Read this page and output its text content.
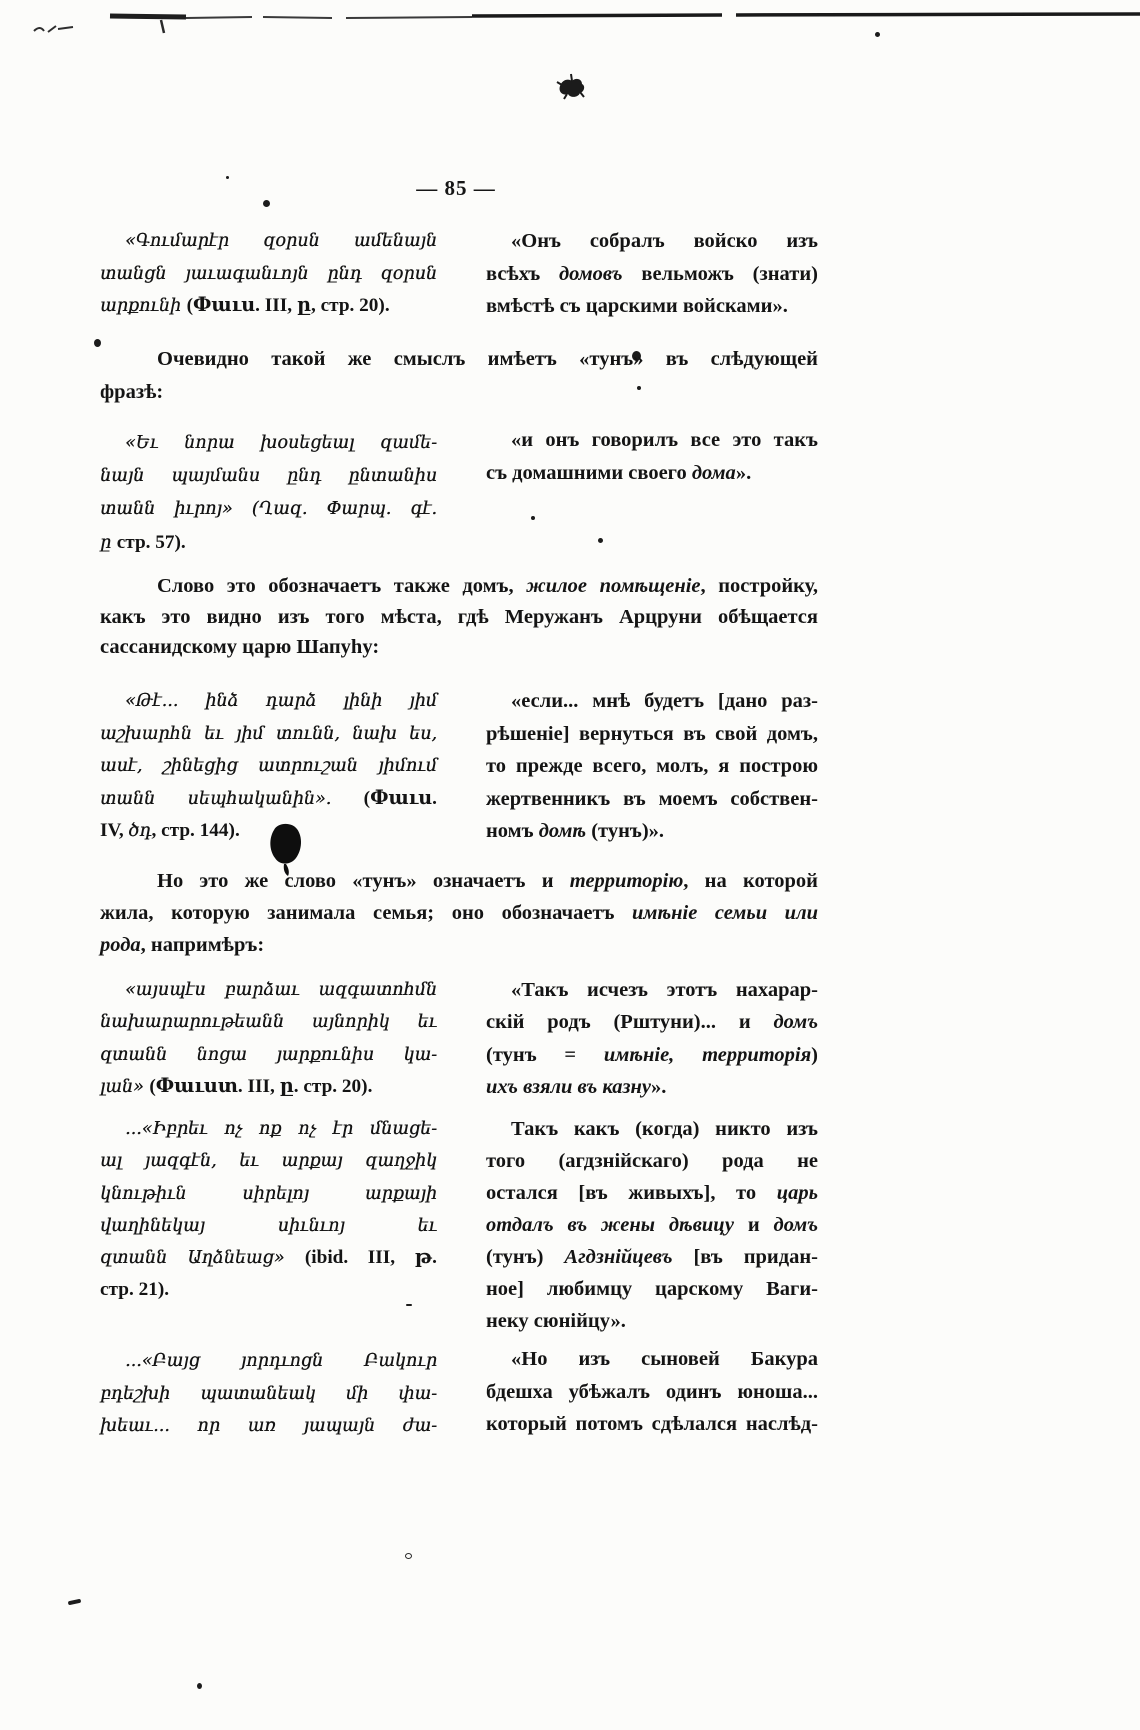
— 85 —
«Գումարէր զօրսն ամենայն
տանցն յաւագանւոյն ընդ զօրսն
արքունի (Փաւս. III, ը, стр. 20).
«Онъ собралъ войско изъ
всѣхъ домовъ вельможъ (знати)
вмѣстѣ съ царскими войсками».
Очевидно такой же смыслъ имѣетъ «тунъ» въ слѣдующей
фразѣ:
«Եւ նորա խօսեցեալ զամե-
նայն պայմանս ընդ ընտանիս
տանն իւրոյ» (Ղազ. Փարպ. գէ.
ը стр. 57).
«и онъ говорилъ все это такъ
съ домашними своего дома».
Слово это обозначаетъ также домъ, жилое помѣщеніе, постройку,
какъ это видно изъ того мѣста, гдѣ Меружанъ Арцруни обѣщается
сассанидскому царю Шапуһу:
«Թէ... ինձ դարձ լինի յիմ
աշխարհն եւ յիմ տունն, նախ ես,
ասէ, շինեցից ատրուշան յիմում
տանն սեպհականին». (Փաւս.
IV, ծդ, стр. 144).
«если... мнѣ будетъ [дано раз-
рѣшеніе] вернуться въ свой домъ,
то прежде всего, молъ, я построю
жертвенникъ въ моемъ собствен-
номъ домѣ (тунъ)».
Но это же слово «тунъ» означаетъ и территорію, на которой
жила, которую занимала семья; оно обозначаетъ имѣніе семьи или
рода, напримѣръ:
«այսպէս բարձաւ ազգատոհմն
նախարարութեանն այնորիկ եւ
զտանն նոցա յարքունիս կա-
լան» (Փաւստ. III, ը. стр. 20).
«Такъ исчезъ этотъ нахарар-
скій родъ (Рштуни)... и домъ
(тунъ = имѣніе, территорія)
ихъ взяли въ казну».
...«Իբրեւ ոչ ոք ոչ էր մնացե-
ալ յազգէն, եւ արքայ զաղջիկ
կնութիւն սիրելոյ արքայի
վաղինեկայ սիւնւոյ եւ
զտանն Աղձնեաց» (ibid. III, թ.
стр. 21).
Такъ какъ (когда) никто изъ
того (агдзнійскаго) рода не
остался [въ живыхъ], то царь
отдалъ въ жены дѣвицу и домъ
(тунъ) Агдзнійцевъ [въ придан-
ное] любимцу царскому Ваги-
неку сюнійцу».
...«Բայց յորդւոցն Բակուր
բդեշխի պատանեակ մի փա-
խեաւ... որ առ յապայն ժա-
«Но изъ сыновей Бакура
бдешха убѣжалъ одинъ юноша...
который потомъ сдѣлался наслѣд-
